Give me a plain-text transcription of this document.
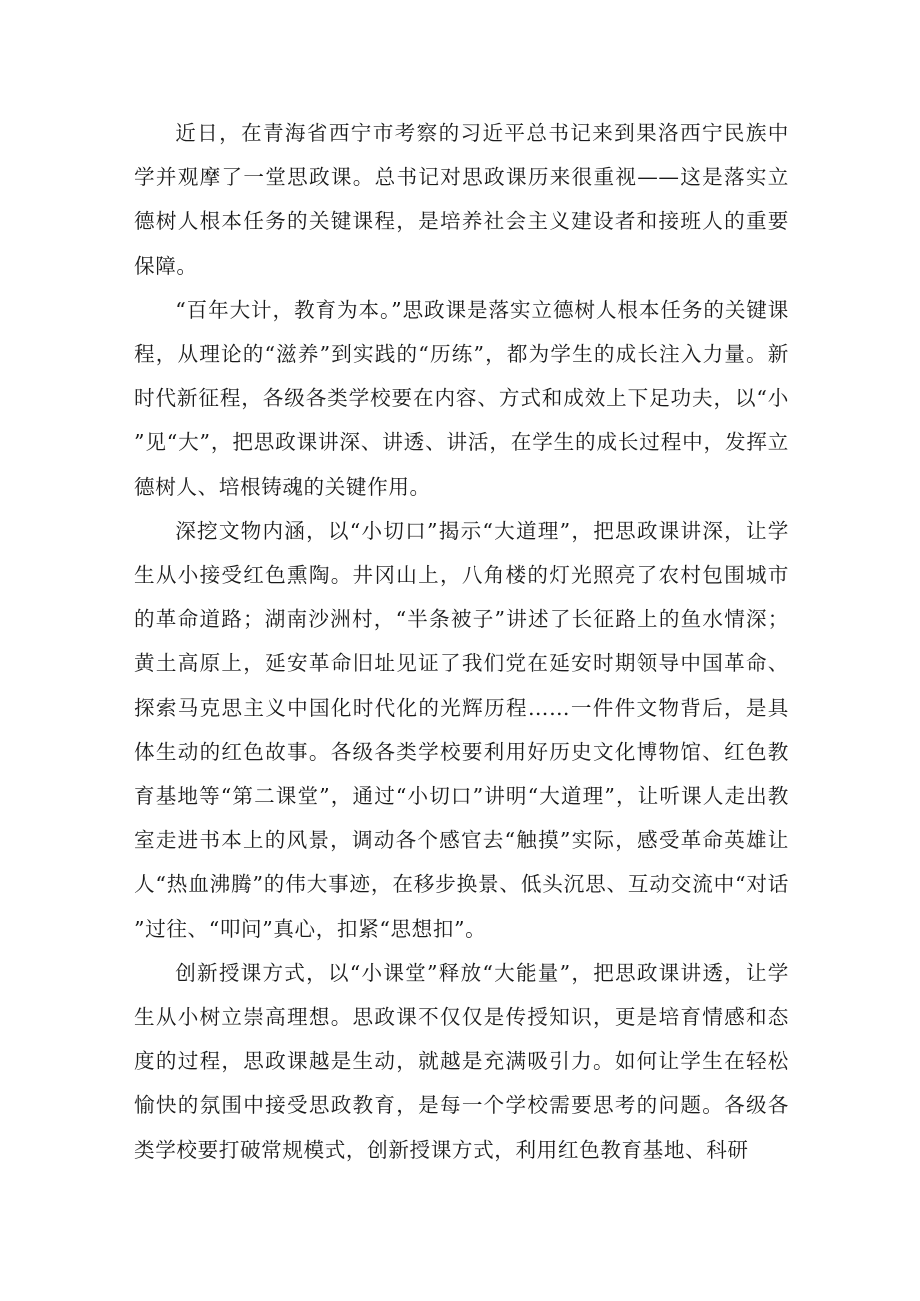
近日，在青海省西宁市考察的习近平总书记来到果洛西宁民族中学并观摩了一堂思政课。总书记对思政课历来很重视——这是落实立德树人根本任务的关键课程，是培养社会主义建设者和接班人的重要保障。

“百年大计，教育为本。”思政课是落实立德树人根本任务的关键课程，从理论的“滋养”到实践的“历练”，都为学生的成长注入力量。新时代新征程，各级各类学校要在内容、方式和成效上下足功夫，以“小”见“大”，把思政课讲深、讲透、讲活，在学生的成长过程中，发挥立德树人、培根铸魂的关键作用。

深挖文物内涵，以“小切口”揭示“大道理”，把思政课讲深，让学生从小接受红色熏陶。井冈山上，八角楼的灯光照亮了农村包围城市的革命道路；湖南沙洲村，“半条被子”讲述了长征路上的鱼水情深；黄土高原上，延安革命旧址见证了我们党在延安时期领导中国革命、探索马克思主义中国化时代化的光辉历程……一件件文物背后，是具体生动的红色故事。各级各类学校要利用好历史文化博物馆、红色教育基地等“第二课堂”，通过“小切口”讲明“大道理”，让听课人走出教室走进书本上的风景，调动各个感官去“触摸”实际，感受革命英雄让人“热血沸腾”的伟大事迹，在移步换景、低头沉思、互动交流中“对话”过往、“叩问”真心，扣紧“思想扣”。

创新授课方式，以“小课堂”释放“大能量”，把思政课讲透，让学生从小树立崇高理想。思政课不仅仅是传授知识，更是培育情感和态度的过程，思政课越是生动，就越是充满吸引力。如何让学生在轻松愉快的氛围中接受思政教育，是每一个学校需要思考的问题。各级各类学校要打破常规模式，创新授课方式，利用红色教育基地、科研
